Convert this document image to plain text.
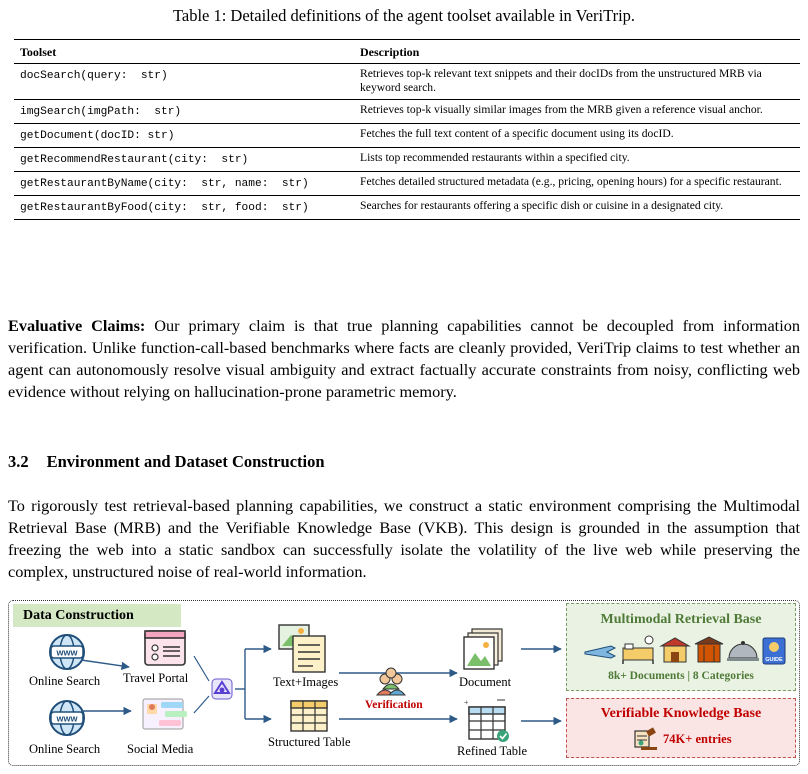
Table 1: Detailed definitions of the agent toolset available in VeriTrip.
Toolset	Description
docSearch(query:  str)	Retrieves top-k relevant text snippets and their docIDs from the unstructured MRB via keyword search.
imgSearch(imgPath:  str)	Retrieves top-k visually similar images from the MRB given a reference visual anchor.
getDocument(docID: str)	Fetches the full text content of a specific document using its docID.
getRecommendRestaurant(city:  str)	Lists top recommended restaurants within a specified city.
getRestaurantByName(city:  str, name:  str)	Fetches detailed structured metadata (e.g., pricing, opening hours) for a specific restaurant.
getRestaurantByFood(city:  str, food:  str)	Searches for restaurants offering a specific dish or cuisine in a designated city.
Evaluative Claims: Our primary claim is that true planning capabilities cannot be decoupled from information verification. Unlike function-call-based benchmarks where facts are cleanly provided, VeriTrip claims to test whether an agent can autonomously resolve visual ambiguity and extract factually accurate constraints from noisy, conflicting web evidence without relying on hallucination-prone parametric memory.
3.2 Environment and Dataset Construction
To rigorously test retrieval-based planning capabilities, we construct a static environment comprising the Multimodal Retrieval Base (MRB) and the Verifiable Knowledge Base (VKB). This design is grounded in the assumption that freezing the web into a static sandbox can successfully isolate the volatility of the live web while preserving the complex, unstructured noise of real-world information.
www
www
+
Data Construction
Online Search Travel Portal
Online Search Social Media
Text+Images
Structured Table
Verification
Document
Refined Table
Multimodal Retrieval Base
GUIDE
8k+ Documents | 8 Categories
Verifiable Knowledge Base
74K+ entries
